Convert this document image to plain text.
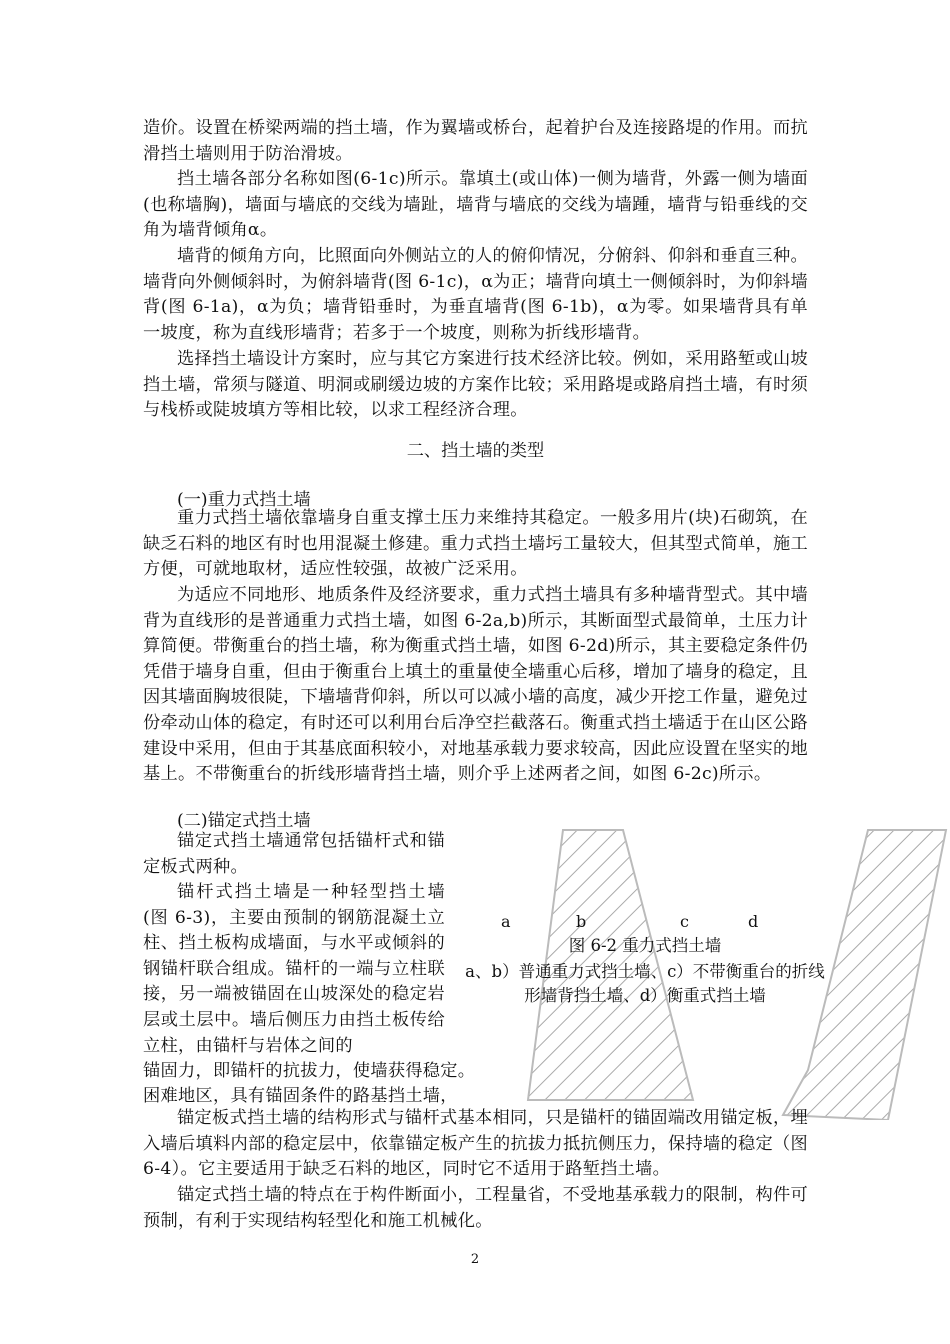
造价。设置在桥梁两端的挡土墙，作为翼墙或桥台，起着护台及连接路堤的作用。而抗滑挡土墙则用于防治滑坡。

挡土墙各部分名称如图(6-1c)所示。靠填土(或山体)一侧为墙背，外露一侧为墙面(也称墙胸)，墙面与墙底的交线为墙趾，墙背与墙底的交线为墙踵，墙背与铅垂线的交角为墙背倾角α。

墙背的倾角方向，比照面向外侧站立的人的俯仰情况，分俯斜、仰斜和垂直三种。墙背向外侧倾斜时，为俯斜墙背(图 6-1c)，α为正；墙背向填土一侧倾斜时，为仰斜墙背(图 6-1a)，α为负；墙背铅垂时，为垂直墙背(图 6-1b)，α为零。如果墙背具有单一坡度，称为直线形墙背；若多于一个坡度，则称为折线形墙背。

选择挡土墙设计方案时，应与其它方案进行技术经济比较。例如，采用路堑或山坡挡土墙，常须与隧道、明洞或刷缓边坡的方案作比较；采用路堤或路肩挡土墙，有时须与栈桥或陡坡填方等相比较，以求工程经济合理。

二、挡土墙的类型
(一)重力式挡土墙

重力式挡土墙依靠墙身自重支撑土压力来维持其稳定。一般多用片(块)石砌筑，在缺乏石料的地区有时也用混凝土修建。重力式挡土墙圬工量较大，但其型式简单，施工方便，可就地取材，适应性较强，故被广泛采用。

为适应不同地形、地质条件及经济要求，重力式挡土墙具有多种墙背型式。其中墙背为直线形的是普通重力式挡土墙，如图 6-2a,b)所示，其断面型式最简单，土压力计算简便。带衡重台的挡土墙，称为衡重式挡土墙，如图 6-2d)所示，其主要稳定条件仍凭借于墙身自重，但由于衡重台上填土的重量使全墙重心后移，增加了墙身的稳定，且因其墙面胸坡很陡，下墙墙背仰斜，所以可以减小墙的高度，减少开挖工作量，避免过份牵动山体的稳定，有时还可以利用台后净空拦截落石。衡重式挡土墙适于在山区公路建设中采用，但由于其基底面积较小，对地基承载力要求较高，因此应设置在坚实的地基上。不带衡重台的折线形墙背挡土墙，则介乎上述两者之间，如图 6-2c)所示。

(二)锚定式挡土墙

锚定式挡土墙通常包括锚杆式和锚定板式两种。

锚杆式挡土墙是一种轻型挡土墙(图 6-3)，主要由预制的钢筋混凝土立柱、挡土板构成墙面，与水平或倾斜的钢锚杆联合组成。锚杆的一端与立柱联接，另一端被锚固在山坡深处的稳定岩层或土层中。墙后侧压力由挡土板传给立柱，由锚杆与岩体之间的

锚固力，即锚杆的抗拔力，使墙获得稳定。

困难地区，具有锚固条件的路基挡土墙，

a	b	c	d
图 6-2 重力式挡土墙
a、b）普通重力式挡土墙、c）不带衡重台的折线形墙背挡土墙、d）衡重式挡土墙

锚定板式挡土墙的结构形式与锚杆式基本相同，只是锚杆的锚固端改用锚定板，埋入墙后填料内部的稳定层中，依靠锚定板产生的抗拔力抵抗侧压力，保持墙的稳定（图 6-4）。它主要适用于缺乏石料的地区，同时它不适用于路堑挡土墙。

锚定式挡土墙的特点在于构件断面小，工程量省，不受地基承载力的限制，构件可预制，有利于实现结构轻型化和施工机械化。

2
